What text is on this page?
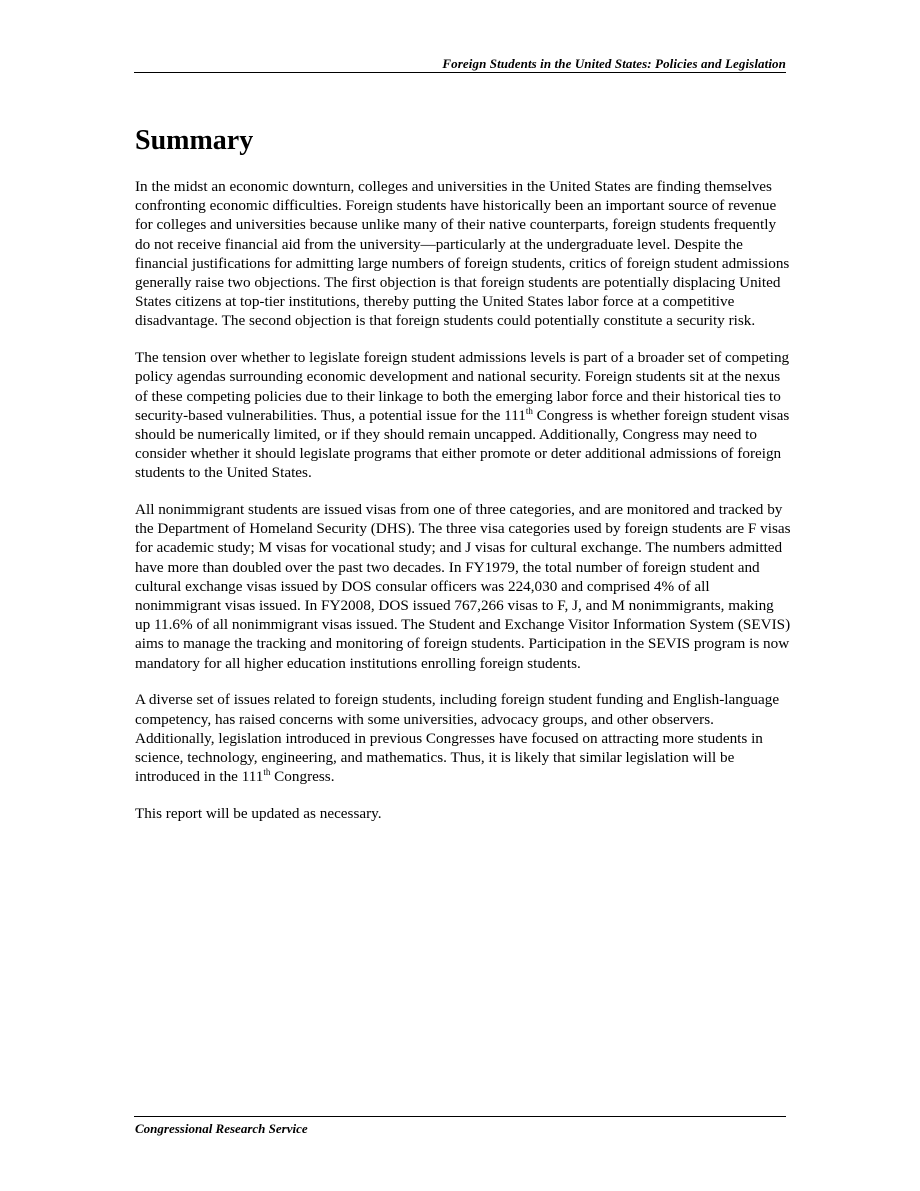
Foreign Students in the United States: Policies and Legislation
Summary

In the midst an economic downturn, colleges and universities in the United States are finding themselves confronting economic difficulties. Foreign students have historically been an important source of revenue for colleges and universities because unlike many of their native counterparts, foreign students frequently do not receive financial aid from the university—particularly at the undergraduate level. Despite the financial justifications for admitting large numbers of foreign students, critics of foreign student admissions generally raise two objections. The first objection is that foreign students are potentially displacing United States citizens at top-tier institutions, thereby putting the United States labor force at a competitive disadvantage. The second objection is that foreign students could potentially constitute a security risk.

The tension over whether to legislate foreign student admissions levels is part of a broader set of competing policy agendas surrounding economic development and national security. Foreign students sit at the nexus of these competing policies due to their linkage to both the emerging labor force and their historical ties to security-based vulnerabilities. Thus, a potential issue for the 111th Congress is whether foreign student visas should be numerically limited, or if they should remain uncapped. Additionally, Congress may need to consider whether it should legislate programs that either promote or deter additional admissions of foreign students to the United States.

All nonimmigrant students are issued visas from one of three categories, and are monitored and tracked by the Department of Homeland Security (DHS). The three visa categories used by foreign students are F visas for academic study; M visas for vocational study; and J visas for cultural exchange. The numbers admitted have more than doubled over the past two decades. In FY1979, the total number of foreign student and cultural exchange visas issued by DOS consular officers was 224,030 and comprised 4% of all nonimmigrant visas issued. In FY2008, DOS issued 767,266 visas to F, J, and M nonimmigrants, making up 11.6% of all nonimmigrant visas issued. The Student and Exchange Visitor Information System (SEVIS) aims to manage the tracking and monitoring of foreign students. Participation in the SEVIS program is now mandatory for all higher education institutions enrolling foreign students.

A diverse set of issues related to foreign students, including foreign student funding and English-language competency, has raised concerns with some universities, advocacy groups, and other observers. Additionally, legislation introduced in previous Congresses have focused on attracting more students in science, technology, engineering, and mathematics. Thus, it is likely that similar legislation will be introduced in the 111th Congress.

This report will be updated as necessary.

Congressional Research Service
